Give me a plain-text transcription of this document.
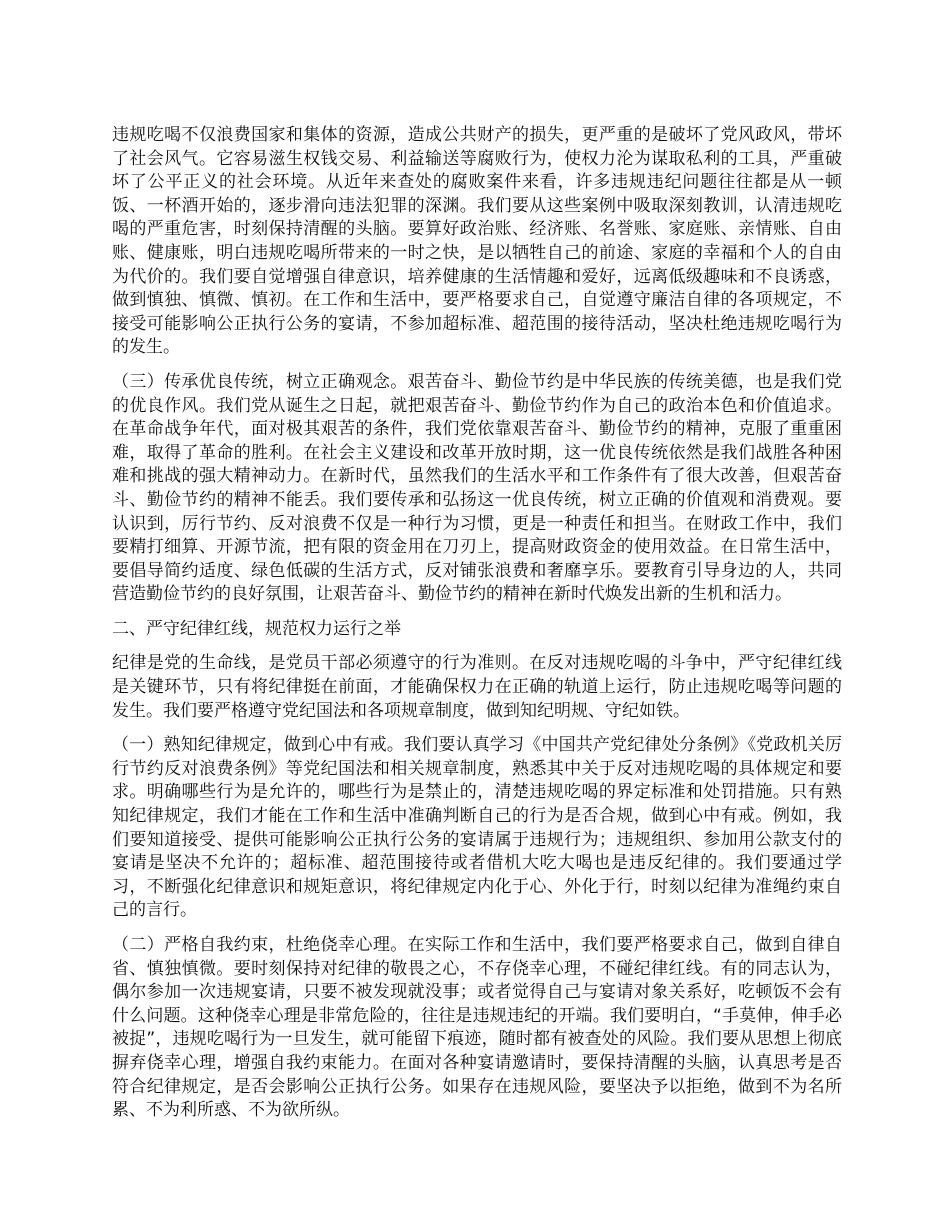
违规吃喝不仅浪费国家和集体的资源，造成公共财产的损失，更严重的是破坏了党风政风，带坏了社会风气。它容易滋生权钱交易、利益输送等腐败行为，使权力沦为谋取私利的工具，严重破坏了公平正义的社会环境。从近年来查处的腐败案件来看，许多违规违纪问题往往都是从一顿饭、一杯酒开始的，逐步滑向违法犯罪的深渊。我们要从这些案例中吸取深刻教训，认清违规吃喝的严重危害，时刻保持清醒的头脑。要算好政治账、经济账、名誉账、家庭账、亲情账、自由账、健康账，明白违规吃喝所带来的一时之快，是以牺牲自己的前途、家庭的幸福和个人的自由为代价的。我们要自觉增强自律意识，培养健康的生活情趣和爱好，远离低级趣味和不良诱惑，做到慎独、慎微、慎初。在工作和生活中，要严格要求自己，自觉遵守廉洁自律的各项规定，不接受可能影响公正执行公务的宴请，不参加超标准、超范围的接待活动，坚决杜绝违规吃喝行为的发生。

（三）传承优良传统，树立正确观念。艰苦奋斗、勤俭节约是中华民族的传统美德，也是我们党的优良作风。我们党从诞生之日起，就把艰苦奋斗、勤俭节约作为自己的政治本色和价值追求。在革命战争年代，面对极其艰苦的条件，我们党依靠艰苦奋斗、勤俭节约的精神，克服了重重困难，取得了革命的胜利。在社会主义建设和改革开放时期，这一优良传统依然是我们战胜各种困难和挑战的强大精神动力。在新时代，虽然我们的生活水平和工作条件有了很大改善，但艰苦奋斗、勤俭节约的精神不能丢。我们要传承和弘扬这一优良传统，树立正确的价值观和消费观。要认识到，厉行节约、反对浪费不仅是一种行为习惯，更是一种责任和担当。在财政工作中，我们要精打细算、开源节流，把有限的资金用在刀刃上，提高财政资金的使用效益。在日常生活中，要倡导简约适度、绿色低碳的生活方式，反对铺张浪费和奢靡享乐。要教育引导身边的人，共同营造勤俭节约的良好氛围，让艰苦奋斗、勤俭节约的精神在新时代焕发出新的生机和活力。

二、严守纪律红线，规范权力运行之举

纪律是党的生命线，是党员干部必须遵守的行为准则。在反对违规吃喝的斗争中，严守纪律红线是关键环节，只有将纪律挺在前面，才能确保权力在正确的轨道上运行，防止违规吃喝等问题的发生。我们要严格遵守党纪国法和各项规章制度，做到知纪明规、守纪如铁。

（一）熟知纪律规定，做到心中有戒。我们要认真学习《中国共产党纪律处分条例》《党政机关厉行节约反对浪费条例》等党纪国法和相关规章制度，熟悉其中关于反对违规吃喝的具体规定和要求。明确哪些行为是允许的，哪些行为是禁止的，清楚违规吃喝的界定标准和处罚措施。只有熟知纪律规定，我们才能在工作和生活中准确判断自己的行为是否合规，做到心中有戒。例如，我们要知道接受、提供可能影响公正执行公务的宴请属于违规行为；违规组织、参加用公款支付的宴请是坚决不允许的；超标准、超范围接待或者借机大吃大喝也是违反纪律的。我们要通过学习，不断强化纪律意识和规矩意识，将纪律规定内化于心、外化于行，时刻以纪律为准绳约束自己的言行。

（二）严格自我约束，杜绝侥幸心理。在实际工作和生活中，我们要严格要求自己，做到自律自省、慎独慎微。要时刻保持对纪律的敬畏之心，不存侥幸心理，不碰纪律红线。有的同志认为，偶尔参加一次违规宴请，只要不被发现就没事；或者觉得自己与宴请对象关系好，吃顿饭不会有什么问题。这种侥幸心理是非常危险的，往往是违规违纪的开端。我们要明白，“手莫伸，伸手必被捉”，违规吃喝行为一旦发生，就可能留下痕迹，随时都有被查处的风险。我们要从思想上彻底摒弃侥幸心理，增强自我约束能力。在面对各种宴请邀请时，要保持清醒的头脑，认真思考是否符合纪律规定，是否会影响公正执行公务。如果存在违规风险，要坚决予以拒绝，做到不为名所累、不为利所惑、不为欲所纵。
